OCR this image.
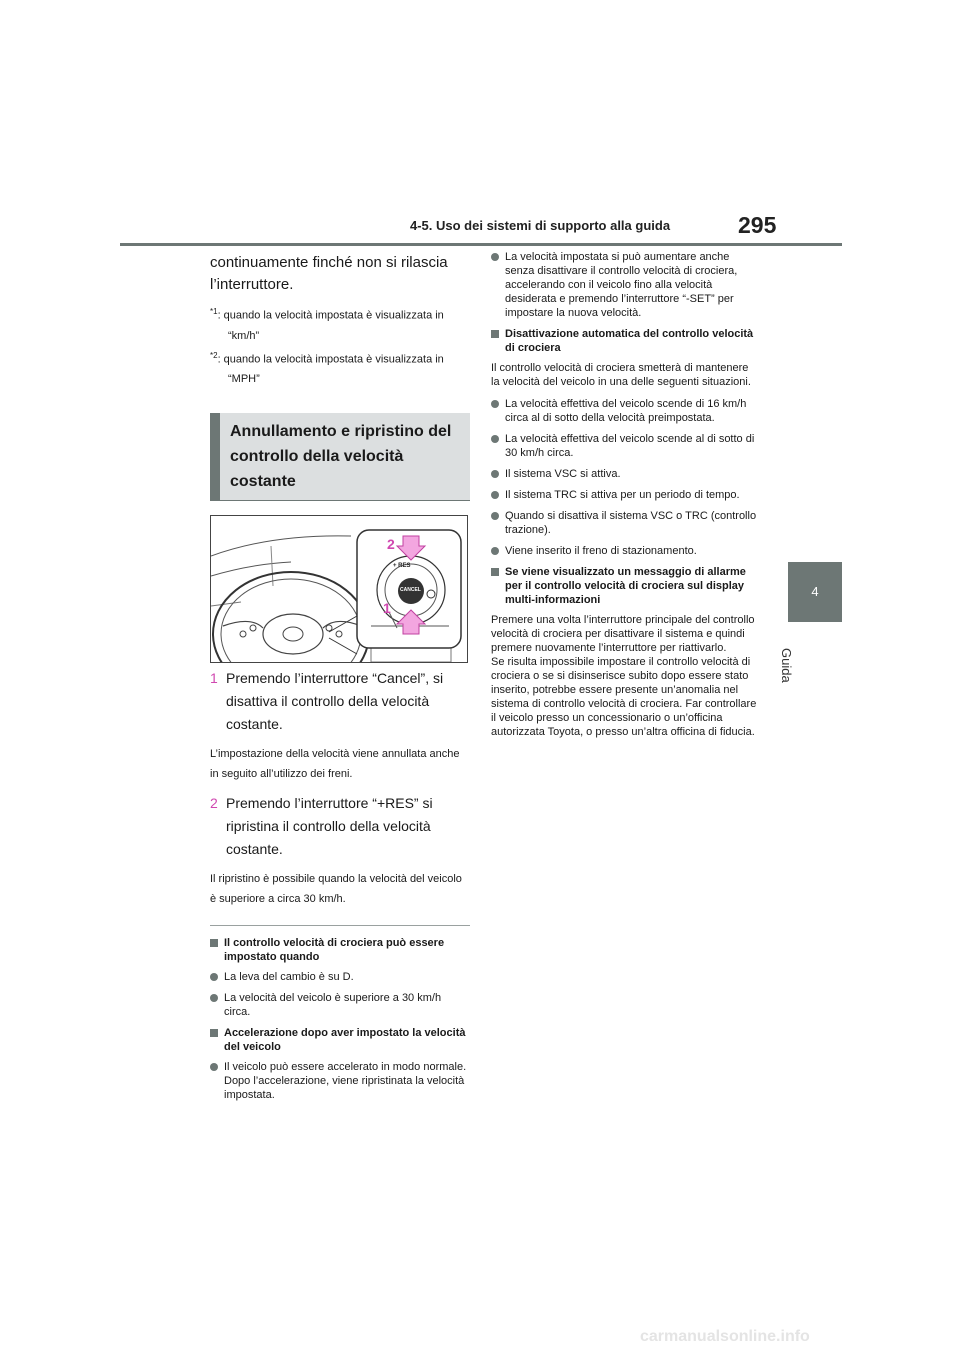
4-5. Uso dei sistemi di supporto alla guida	295
4
Guida

continuamente finché non si rilascia l’interruttore.

$^{*1}$: quando la velocità impostata è visualizzata in “km/h”

$^{*2}$: quando la velocità impostata è visualizzata in “MPH”

Annullamento e ripristino del controllo della velocità costante
+ RES
CANCEL
2
1
1 Premendo l’interruttore “Cancel”, si disattiva il controllo della velocità costante.

L’impostazione della velocità viene annullata anche in seguito all’utilizzo dei freni.

2 Premendo l’interruttore “+RES” si ripristina il controllo della velocità costante.

Il ripristino è possibile quando la velocità del veicolo è superiore a circa 30 km/h.

Il controllo velocità di crociera può essere impostato quando
La leva del cambio è su D.
La velocità del veicolo è superiore a 30 km/h circa.
Accelerazione dopo aver impostato la velocità del veicolo
Il veicolo può essere accelerato in modo normale. Dopo l’accelerazione, viene ripristinata la velocità impostata.
La velocità impostata si può aumentare anche senza disattivare il controllo velocità di crociera, accelerando con il veicolo fino alla velocità desiderata e premendo l’interruttore “-SET” per impostare la nuova velocità.
Disattivazione automatica del controllo velocità di crociera

Il controllo velocità di crociera smetterà di mantenere la velocità del veicolo in una delle seguenti situazioni.

La velocità effettiva del veicolo scende di 16 km/h circa al di sotto della velocità preimpostata.
La velocità effettiva del veicolo scende al di sotto di 30 km/h circa.
Il sistema VSC si attiva.
Il sistema TRC si attiva per un periodo di tempo.
Quando si disattiva il sistema VSC o TRC (controllo trazione).
Viene inserito il freno di stazionamento.
Se viene visualizzato un messaggio di allarme per il controllo velocità di crociera sul display multi-informazioni

Premere una volta l’interruttore principale del controllo velocità di crociera per disattivare il sistema e quindi premere nuovamente l’interruttore per riattivarlo.

Se risulta impossibile impostare il controllo velocità di crociera o se si disinserisce subito dopo essere stato inserito, potrebbe essere presente un’anomalia nel sistema di controllo velocità di crociera. Far controllare il veicolo presso un concessionario o un’officina autorizzata Toyota, o presso un’altra officina di fiducia.

carmanualsonline.info
